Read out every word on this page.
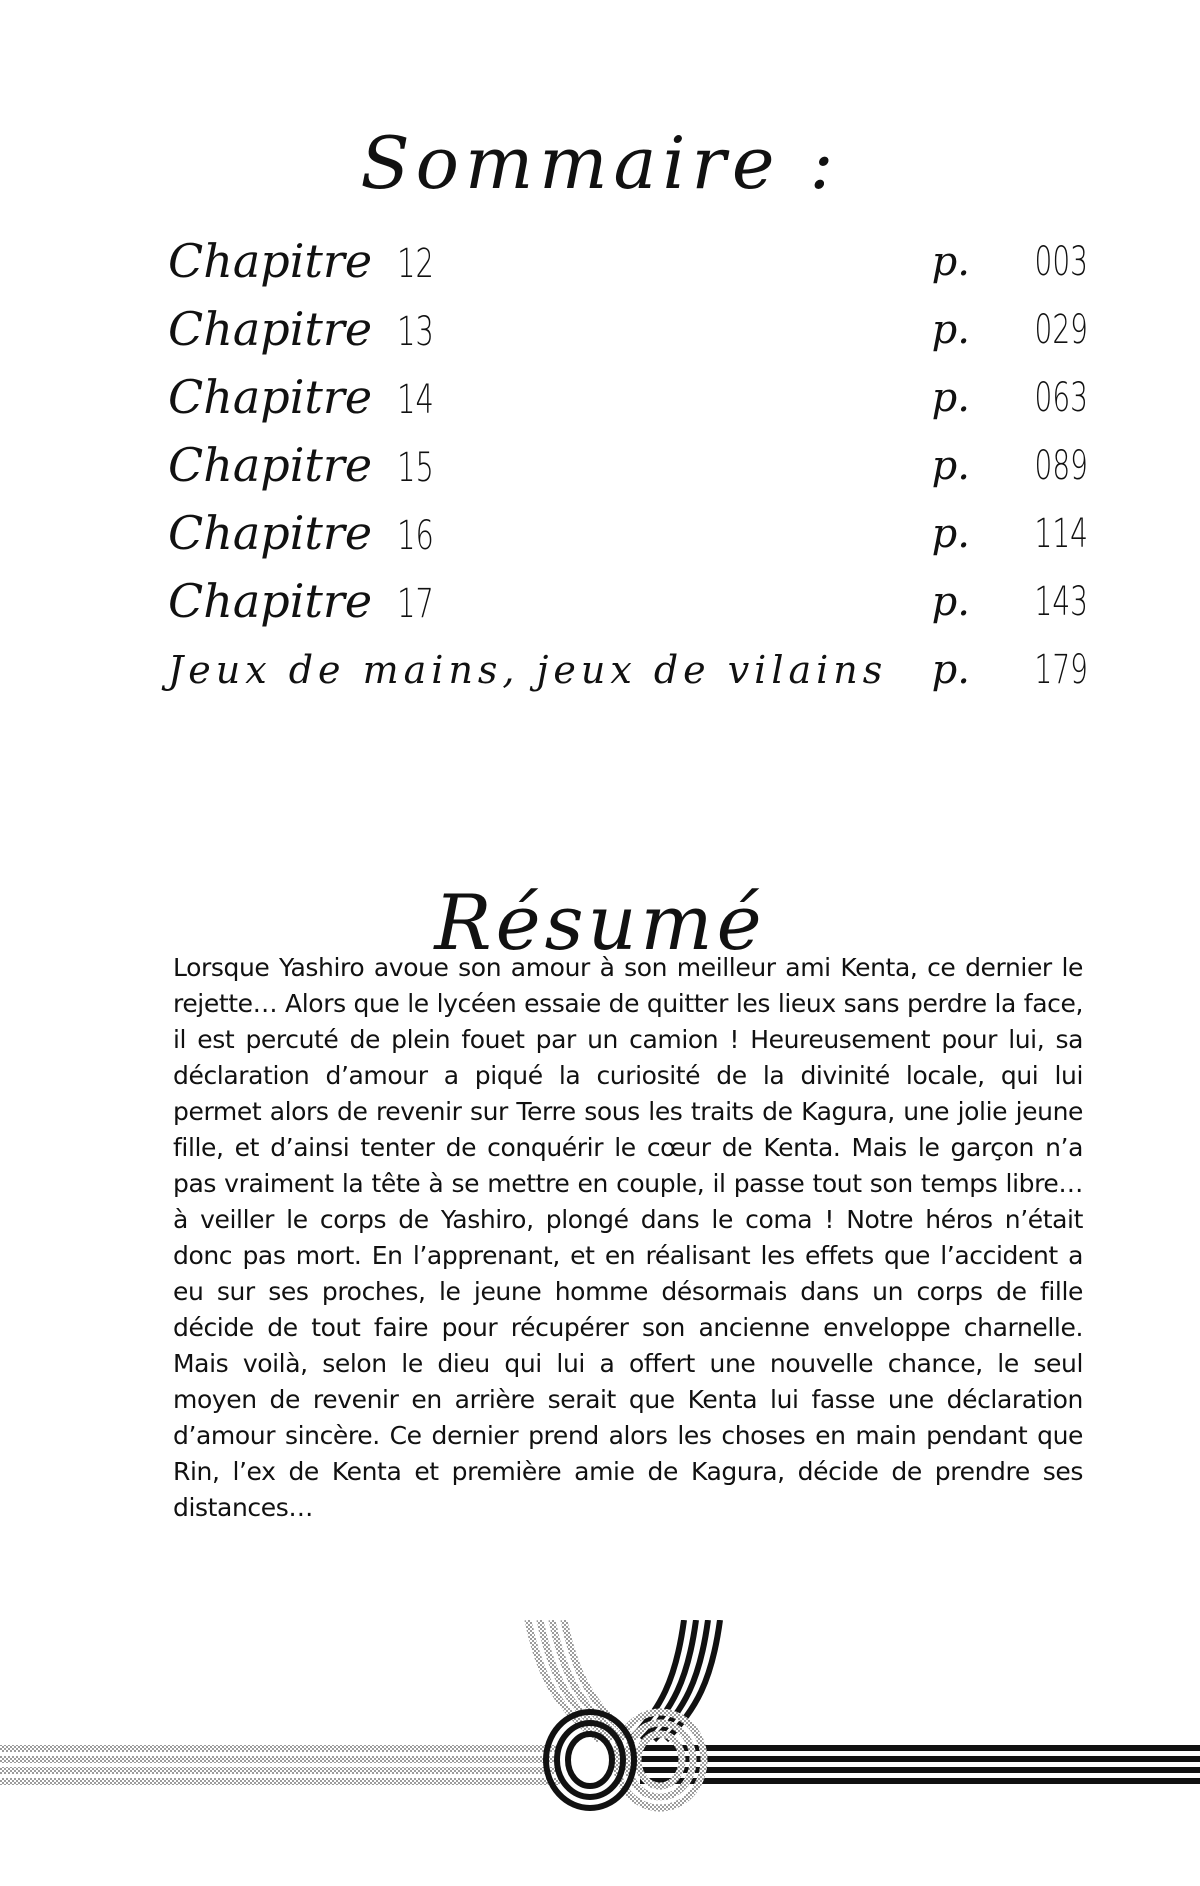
Sommaire :
Chapitre 12	p. 003
Chapitre 13	p. 029
Chapitre 14	p. 063
Chapitre 15	p. 089
Chapitre 16	p. 114
Chapitre 17	p. 143
Jeux de mains, jeux de vilains p. 179
Résumé

Lorsque Yashiro avoue son amour à son meilleur ami Kenta, ce dernier le rejette… Alors que le lycéen essaie de quitter les lieux sans perdre la face, il est percuté de plein fouet par un camion ! Heureusement pour lui, sa déclaration d’amour a piqué la curiosité de la divinité locale, qui lui permet alors de revenir sur Terre sous les traits de Kagura, une jolie jeune fille, et d’ainsi tenter de conquérir le cœur de Kenta. Mais le garçon n’a pas vraiment la tête à se mettre en couple, il passe tout son temps libre… à veiller le corps de Yashiro, plongé dans le coma ! Notre héros n’était donc pas mort. En l’apprenant, et en réalisant les effets que l’accident a eu sur ses proches, le jeune homme désormais dans un corps de fille décide de tout faire pour récupérer son ancienne enveloppe charnelle. Mais voilà, selon le dieu qui lui a offert une nouvelle chance, le seul moyen de revenir en arrière serait que Kenta lui fasse une déclaration d’amour sincère. Ce dernier prend alors les choses en main pendant que Rin, l’ex de Kenta et première amie de Kagura, décide de prendre ses distances…
